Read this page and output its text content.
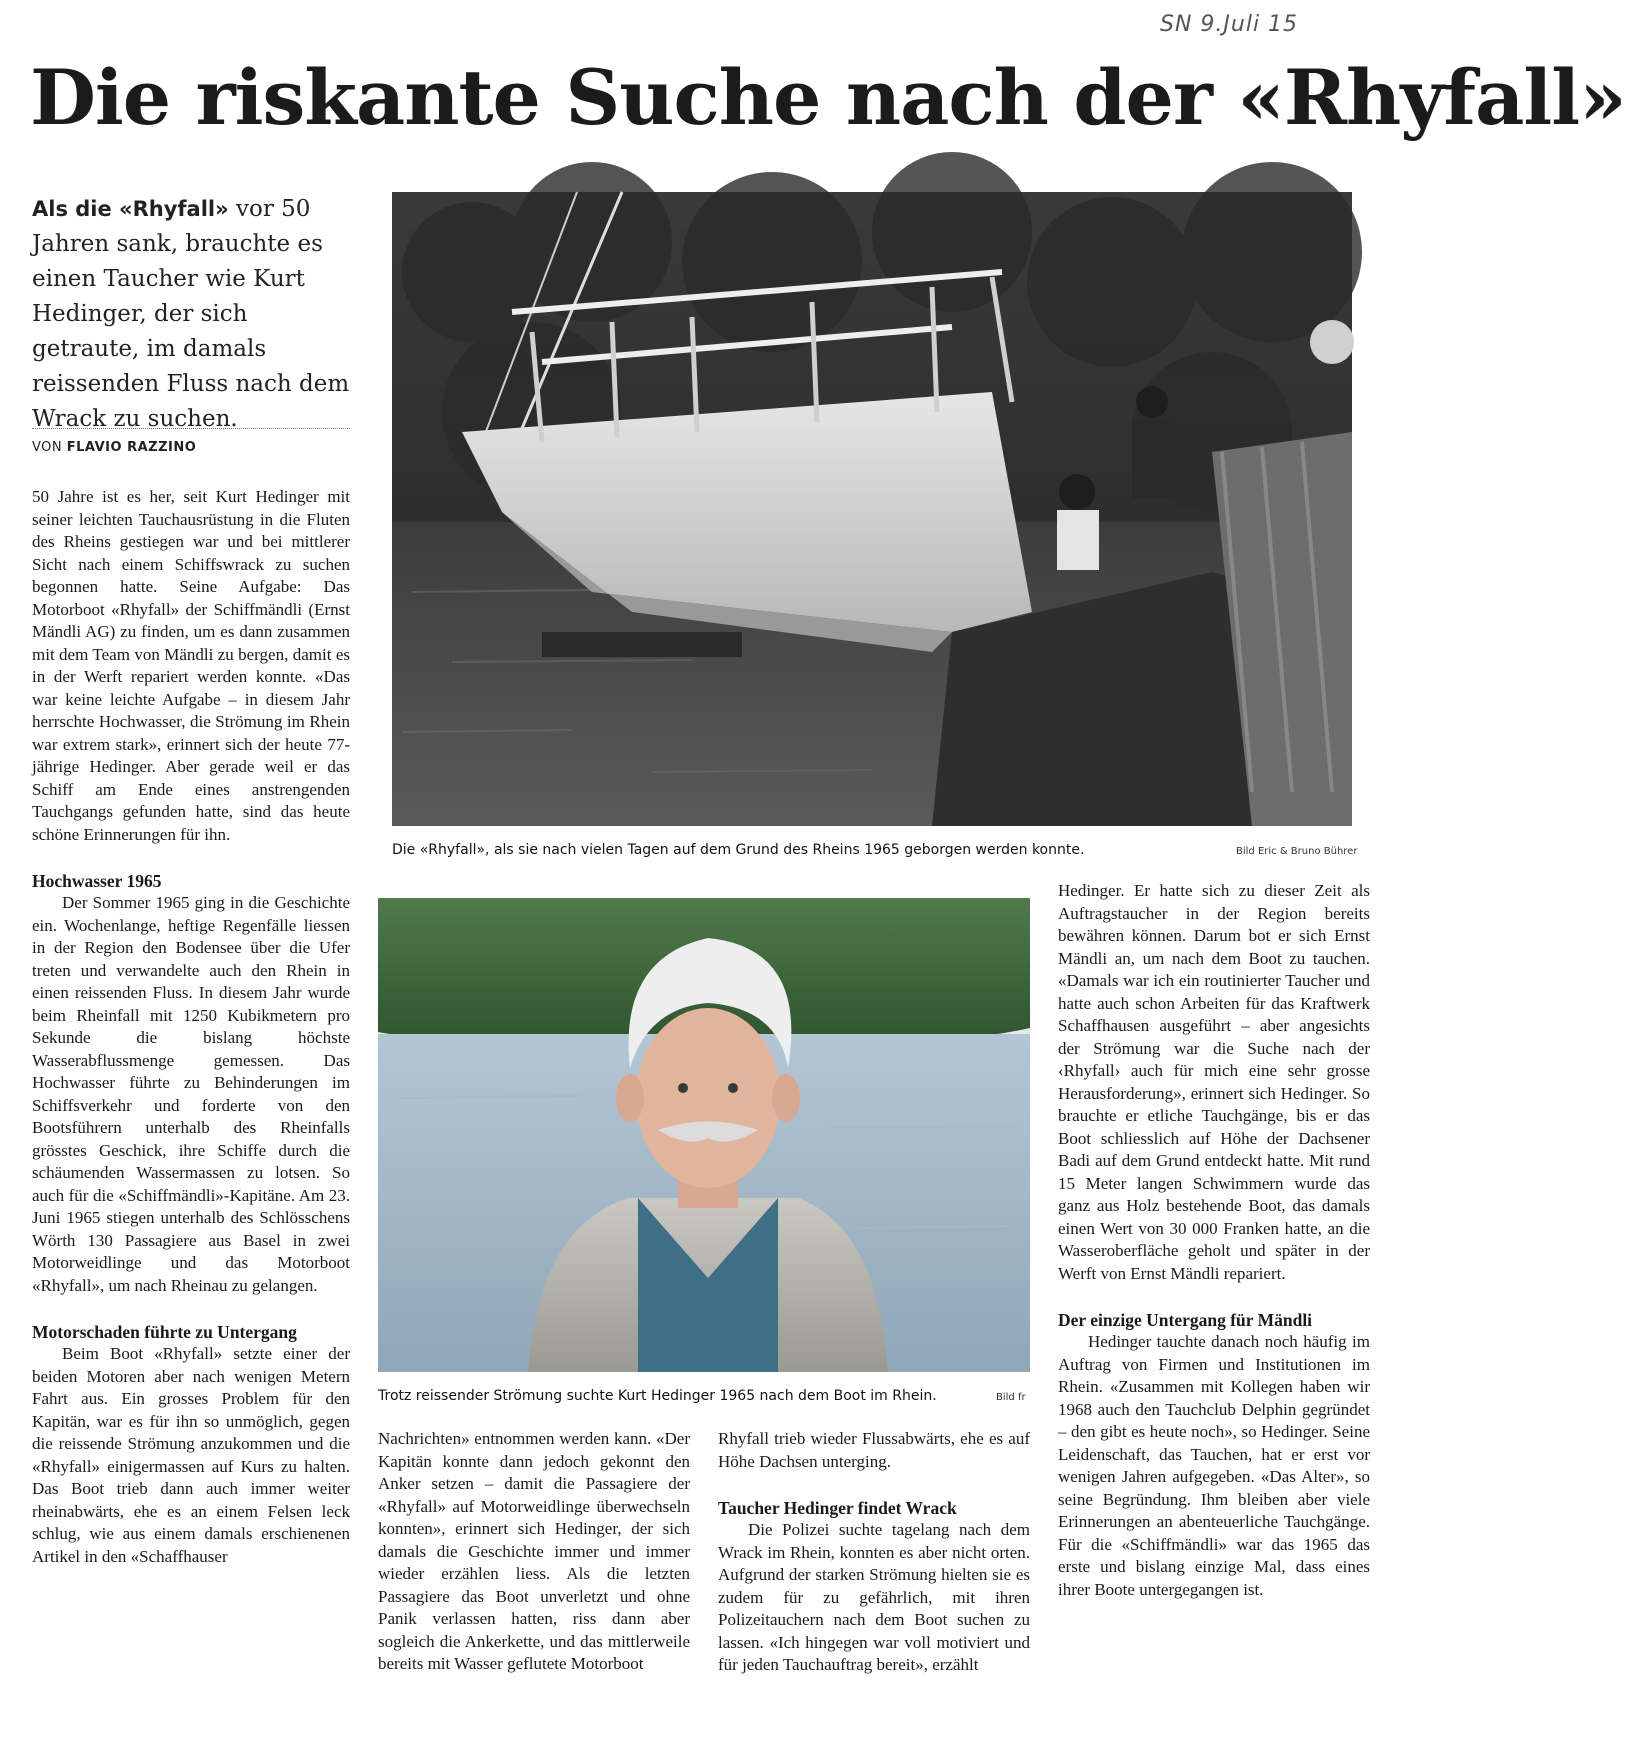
SN 9.Juli 15
Die riskante Suche nach der «Rhyfall»
Als die «Rhyfall» vor 50 Jahren sank, brauchte es einen Taucher wie Kurt Hedinger, der sich getraute, im damals reissenden Fluss nach dem Wrack zu suchen.
VON FLAVIO RAZZINO

50 Jahre ist es her, seit Kurt Hedinger mit seiner leichten Tauchausrüstung in die Fluten des Rheins gestiegen war und bei mittlerer Sicht nach einem Schiffswrack zu suchen begonnen hatte. Seine Aufgabe: Das Motorboot «Rhyfall» der Schiffmändli (Ernst Mändli AG) zu finden, um es dann zusammen mit dem Team von Mändli zu bergen, damit es in der Werft repariert werden konnte. «Das war keine leichte Aufgabe – in diesem Jahr herrschte Hochwasser, die Strömung im Rhein war extrem stark», erinnert sich der heute 77-jährige Hedinger. Aber gerade weil er das Schiff am Ende eines anstrengenden Tauchgangs gefunden hatte, sind das heute schöne Erinnerungen für ihn.

Hochwasser 1965

Der Sommer 1965 ging in die Geschichte ein. Wochenlange, heftige Regenfälle liessen in der Region den Bodensee über die Ufer treten und verwandelte auch den Rhein in einen reissenden Fluss. In diesem Jahr wurde beim Rheinfall mit 1250 Kubikmetern pro Sekunde die bislang höchste Wasserabflussmenge gemessen. Das Hochwasser führte zu Behinderungen im Schiffsverkehr und forderte von den Bootsführern unterhalb des Rheinfalls grösstes Geschick, ihre Schiffe durch die schäumenden Wassermassen zu lotsen. So auch für die «Schiffmändli»-Kapitäne. Am 23. Juni 1965 stiegen unterhalb des Schlösschens Wörth 130 Passagiere aus Basel in zwei Motorweidlinge und das Motorboot «Rhyfall», um nach Rheinau zu gelangen.

Motorschaden führte zu Untergang

Beim Boot «Rhyfall» setzte einer der beiden Motoren aber nach wenigen Metern Fahrt aus. Ein grosses Problem für den Kapitän, war es für ihn so unmöglich, gegen die reissende Strömung anzukommen und die «Rhyfall» einigermassen auf Kurs zu halten. Das Boot trieb dann auch immer weiter rheinabwärts, ehe es an einem Felsen leck schlug, wie aus einem damals erschienenen Artikel in den «Schaffhauser

Die «Rhyfall», als sie nach vielen Tagen auf dem Grund des Rheins 1965 geborgen werden konnte.	Bild Eric & Bruno Bührer
Trotz reissender Strömung suchte Kurt Hedinger 1965 nach dem Boot im Rhein.	Bild fr

Nachrichten» entnommen werden kann. «Der Kapitän konnte dann jedoch gekonnt den Anker setzen – damit die Passagiere der «Rhyfall» auf Motorweidlinge überwechseln konnten», erinnert sich Hedinger, der sich damals die Geschichte immer und immer wieder erzählen liess. Als die letzten Passagiere das Boot unverletzt und ohne Panik verlassen hatten, riss dann aber sogleich die Ankerkette, und das mittlerweile bereits mit Wasser geflutete Motorboot

Rhyfall trieb wieder Flussabwärts, ehe es auf Höhe Dachsen unterging.

Taucher Hedinger findet Wrack

Die Polizei suchte tagelang nach dem Wrack im Rhein, konnten es aber nicht orten. Aufgrund der starken Strömung hielten sie es zudem für zu gefährlich, mit ihren Polizeitauchern nach dem Boot suchen zu lassen. «Ich hingegen war voll motiviert und für jeden Tauchauftrag bereit», erzählt

Hedinger. Er hatte sich zu dieser Zeit als Auftragstaucher in der Region bereits bewähren können. Darum bot er sich Ernst Mändli an, um nach dem Boot zu tauchen. «Damals war ich ein routinierter Taucher und hatte auch schon Arbeiten für das Kraftwerk Schaffhausen ausgeführt – aber angesichts der Strömung war die Suche nach der ‹Rhyfall› auch für mich eine sehr grosse Herausforderung», erinnert sich Hedinger. So brauchte er etliche Tauchgänge, bis er das Boot schliesslich auf Höhe der Dachsener Badi auf dem Grund entdeckt hatte. Mit rund 15 Meter langen Schwimmern wurde das ganz aus Holz bestehende Boot, das damals einen Wert von 30 000 Franken hatte, an die Wasseroberfläche geholt und später in der Werft von Ernst Mändli repariert.

Der einzige Untergang für Mändli

Hedinger tauchte danach noch häufig im Auftrag von Firmen und Institutionen im Rhein. «Zusammen mit Kollegen haben wir 1968 auch den Tauchclub Delphin gegründet – den gibt es heute noch», so Hedinger. Seine Leidenschaft, das Tauchen, hat er erst vor wenigen Jahren aufgegeben. «Das Alter», so seine Begründung. Ihm bleiben aber viele Erinnerungen an abenteuerliche Tauchgänge. Für die «Schiffmändli» war das 1965 das erste und bislang einzige Mal, dass eines ihrer Boote untergegangen ist.
